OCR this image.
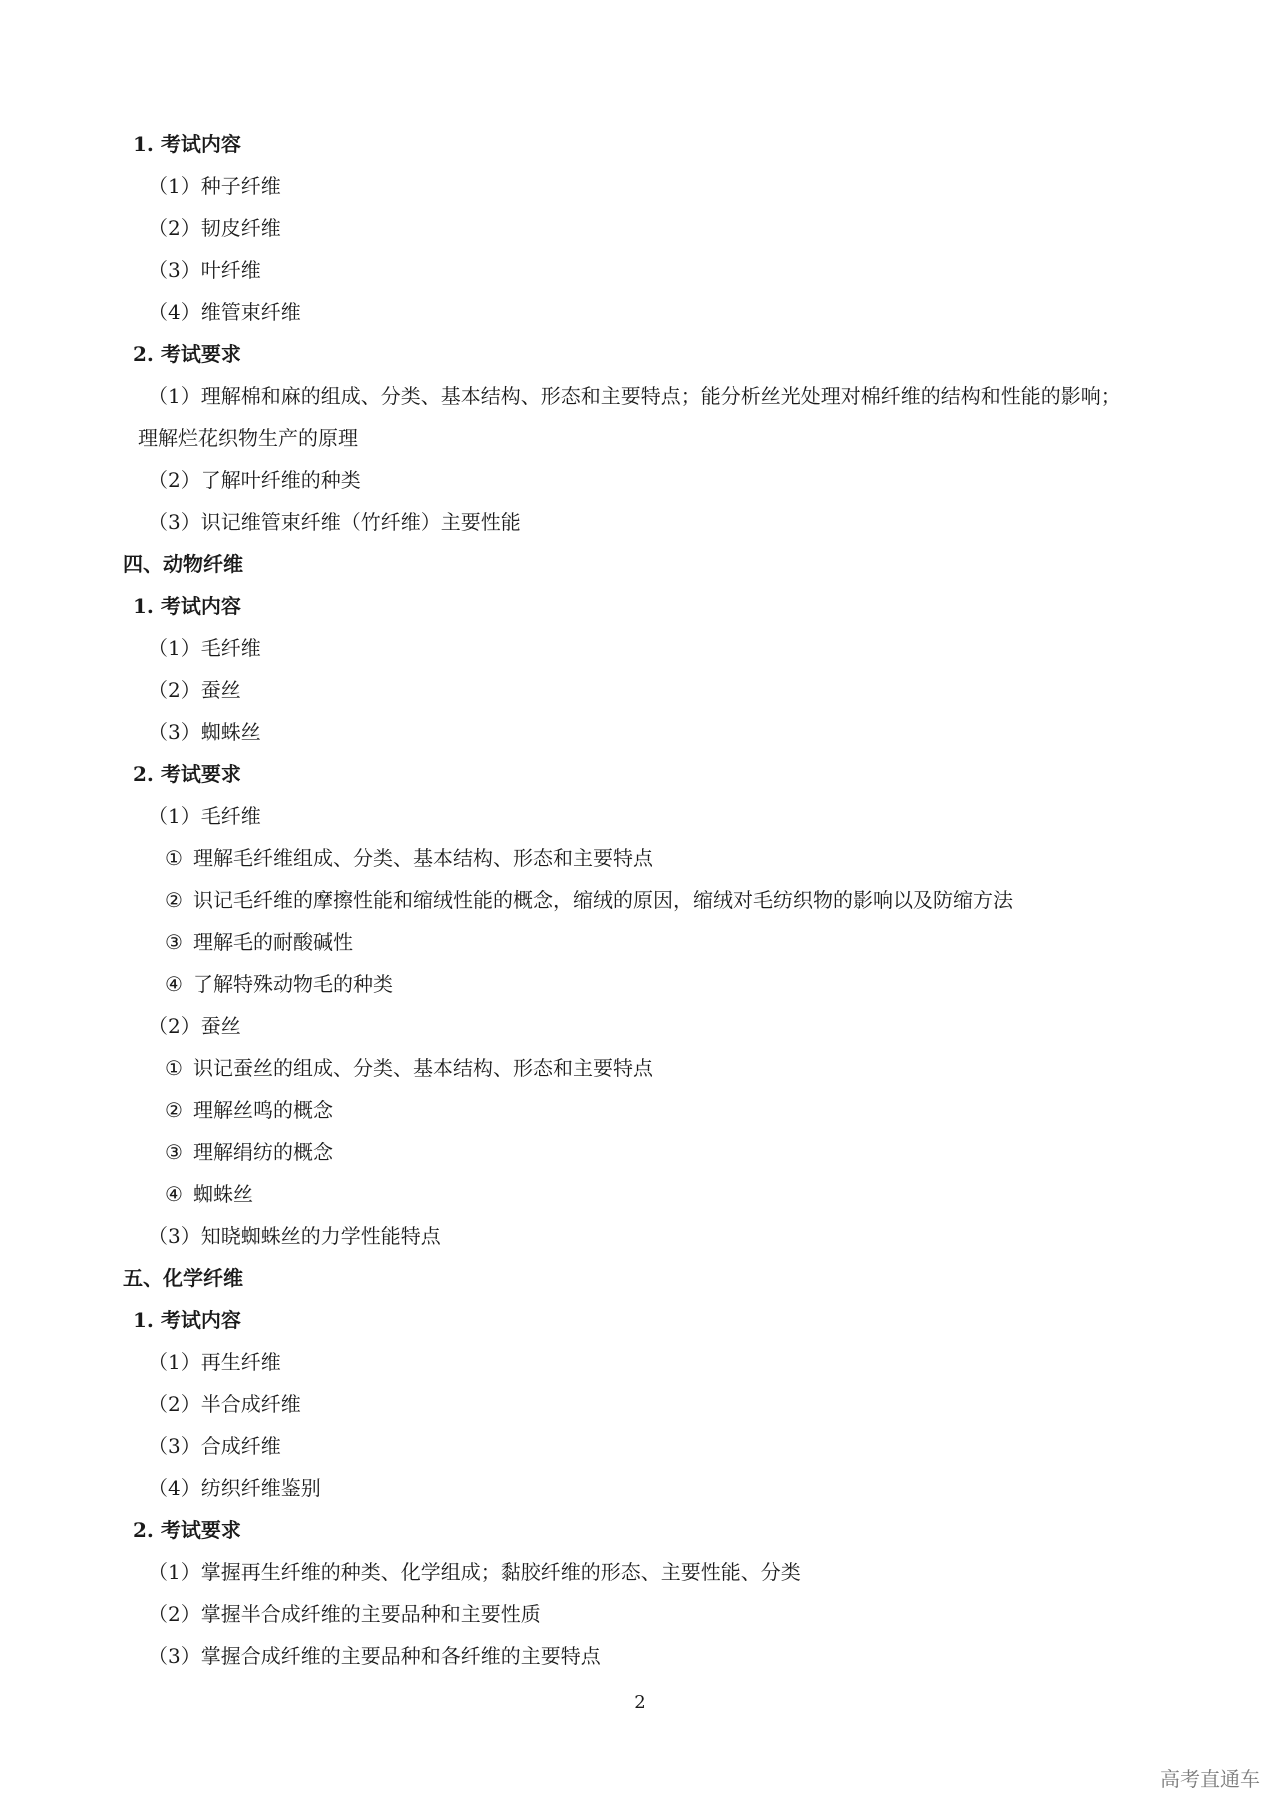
1. 考试内容
（1）种子纤维
（2）韧皮纤维
（3）叶纤维
（4）维管束纤维
2. 考试要求
（1）理解棉和麻的组成、分类、基本结构、形态和主要特点；能分析丝光处理对棉纤维的结构和性能的影响；
理解烂花织物生产的原理
（2）了解叶纤维的种类
（3）识记维管束纤维（竹纤维）主要性能
四、动物纤维
1. 考试内容
（1）毛纤维
（2）蚕丝
（3）蜘蛛丝
2. 考试要求
（1）毛纤维
① 理解毛纤维组成、分类、基本结构、形态和主要特点
② 识记毛纤维的摩擦性能和缩绒性能的概念，缩绒的原因，缩绒对毛纺织物的影响以及防缩方法
③ 理解毛的耐酸碱性
④ 了解特殊动物毛的种类
（2）蚕丝
① 识记蚕丝的组成、分类、基本结构、形态和主要特点
② 理解丝鸣的概念
③ 理解绢纺的概念
④ 蜘蛛丝
（3）知晓蜘蛛丝的力学性能特点
五、化学纤维
1. 考试内容
（1）再生纤维
（2）半合成纤维
（3）合成纤维
（4）纺织纤维鉴别
2. 考试要求
（1）掌握再生纤维的种类、化学组成；黏胶纤维的形态、主要性能、分类
（2）掌握半合成纤维的主要品种和主要性质
（3）掌握合成纤维的主要品种和各纤维的主要特点
2
高考直通车
